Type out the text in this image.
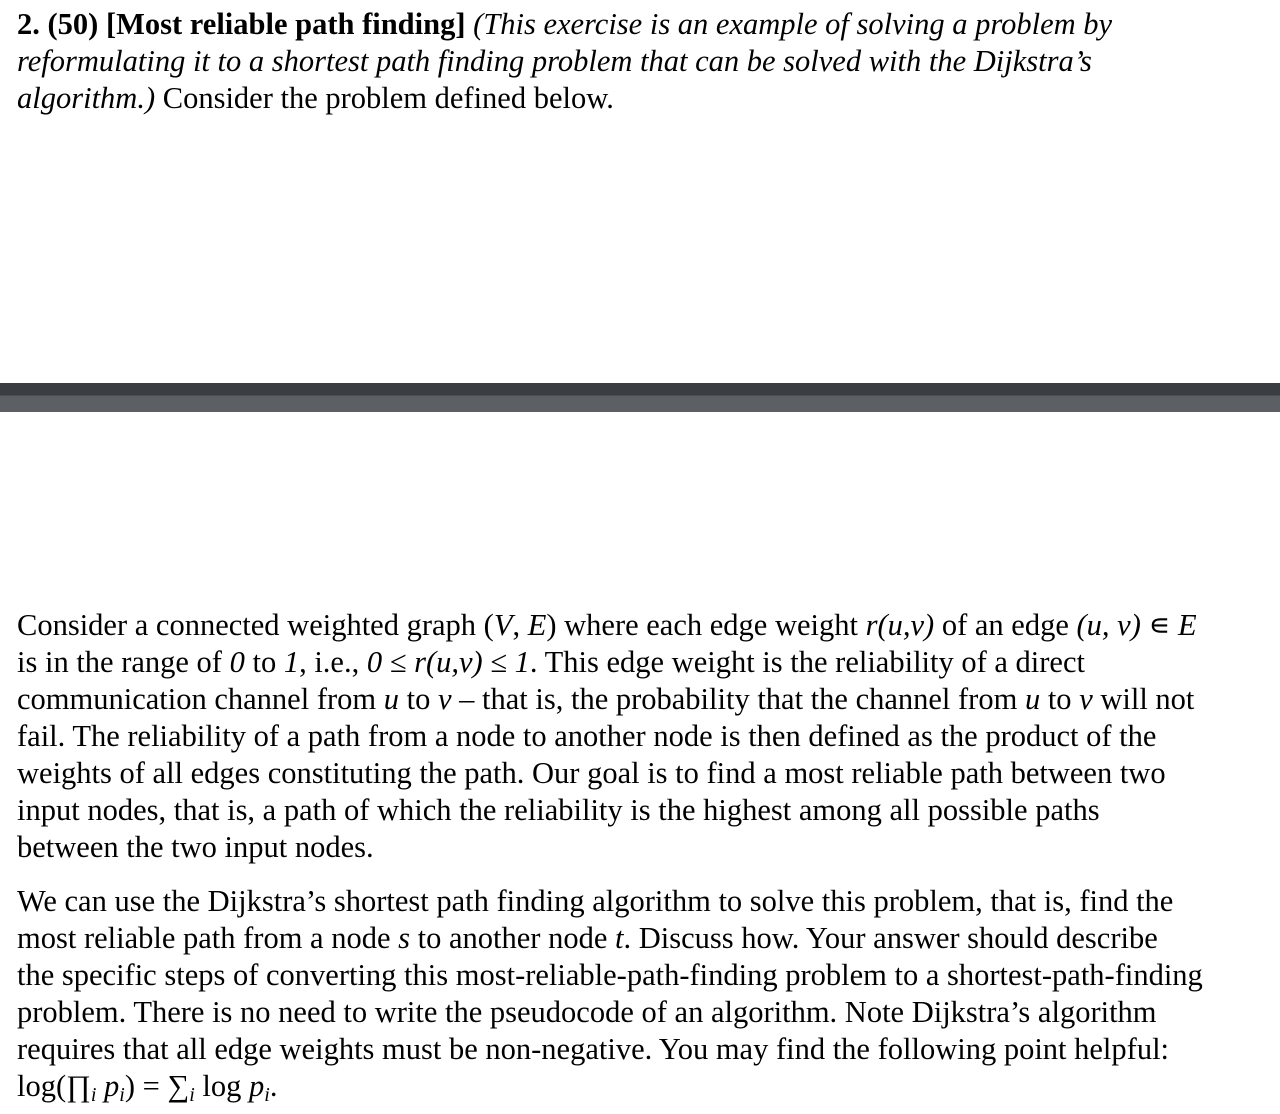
2. (50) [Most reliable path finding] (This exercise is an example of solving a problem by
reformulating it to a shortest path finding problem that can be solved with the Dijkstra’s
algorithm.) Consider the problem defined below.
Consider a connected weighted graph (V, E) where each edge weight r(u,v) of an edge (u, v) ∊ E
is in the range of 0 to 1, i.e., 0 ≤ r(u,v) ≤ 1. This edge weight is the reliability of a direct
communication channel from u to v – that is, the probability that the channel from u to v will not
fail. The reliability of a path from a node to another node is then defined as the product of the
weights of all edges constituting the path. Our goal is to find a most reliable path between two
input nodes, that is, a path of which the reliability is the highest among all possible paths
between the two input nodes.
We can use the Dijkstra’s shortest path finding algorithm to solve this problem, that is, find the
most reliable path from a node s to another node t. Discuss how. Your answer should describe
the specific steps of converting this most-reliable-path-finding problem to a shortest-path-finding
problem. There is no need to write the pseudocode of an algorithm. Note Dijkstra’s algorithm
requires that all edge weights must be non-negative. You may find the following point helpful:
log(∏i pi) = ∑i log pi.
